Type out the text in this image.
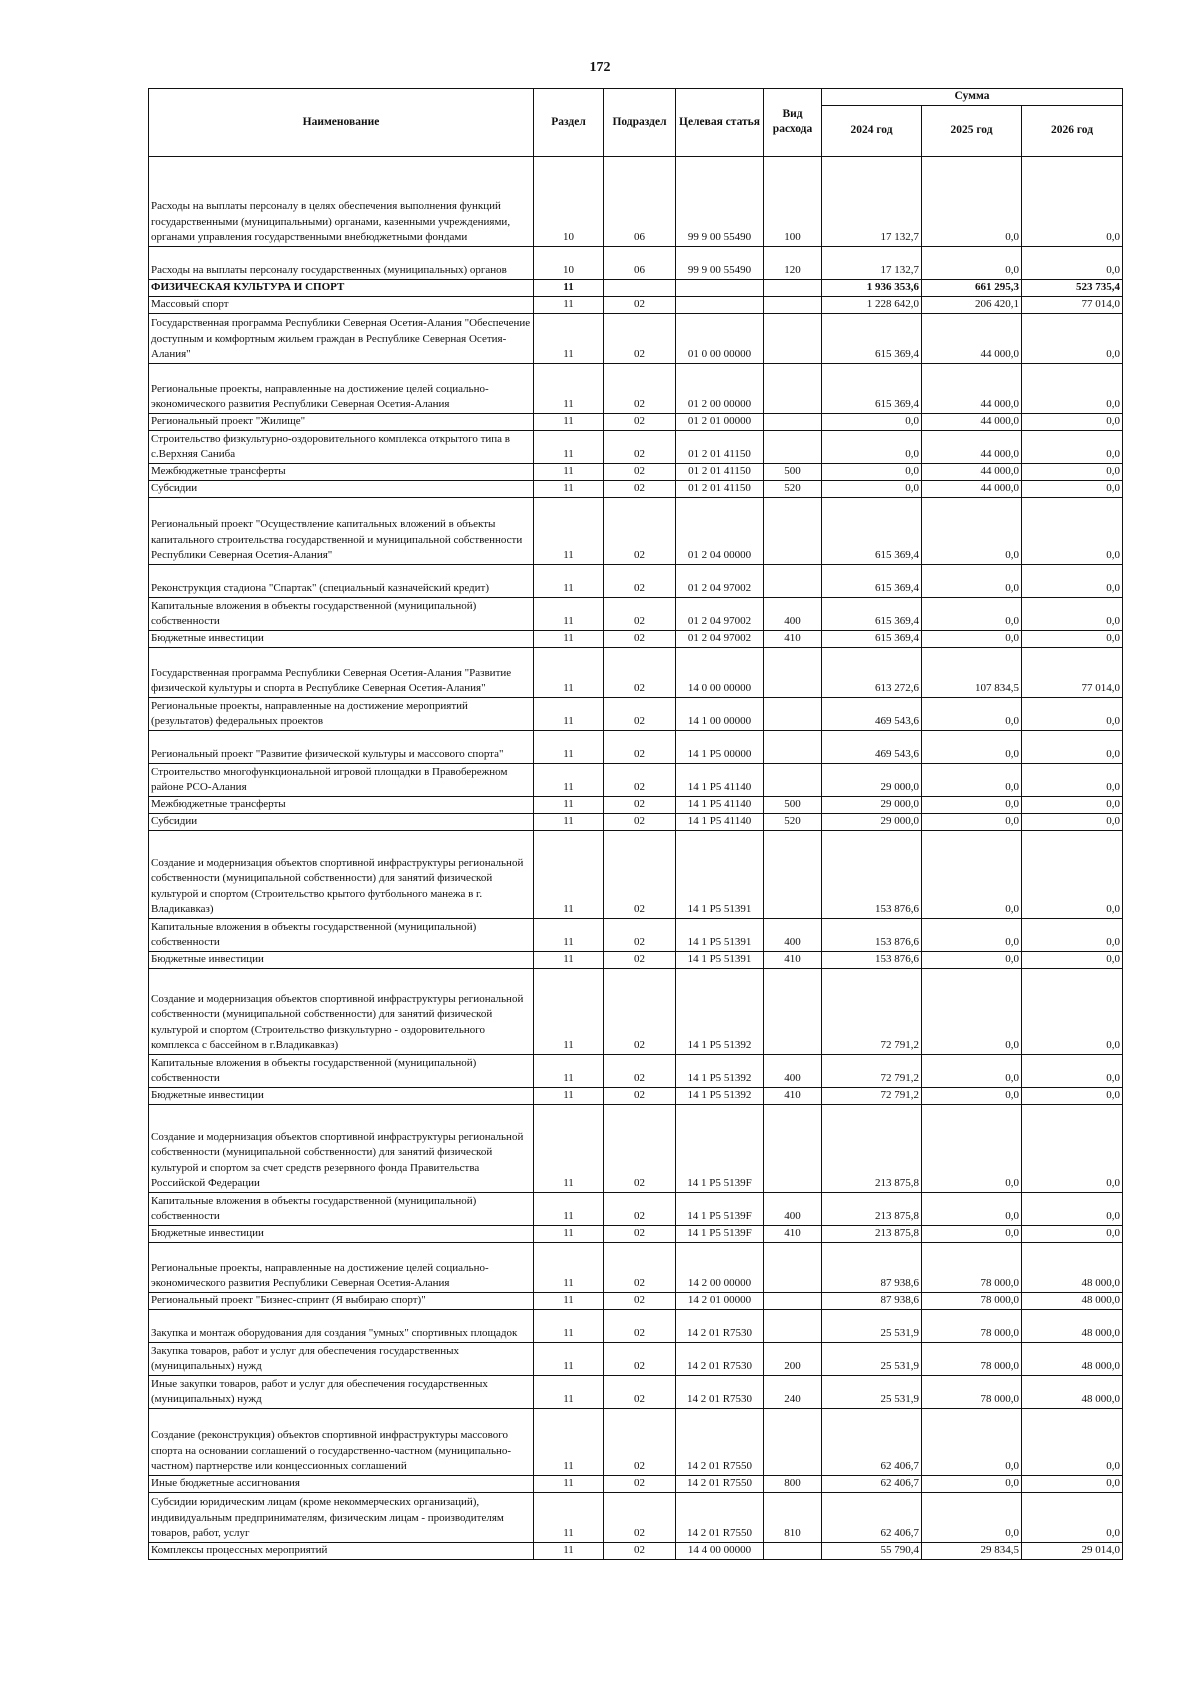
172
Наименование	Раздел	Подраздел	Целевая статья	Вид расхода	Сумма		
					2024 год	2025 год	2026 год
Расходы на выплаты персоналу в целях обеспечения выполнения функций государственными (муниципальными) органами, казенными учреждениями, органами управления государственными внебюджетными фондами	10	06	99 9 00 55490	100	17 132,7	0,0	0,0
Расходы на выплаты персоналу государственных (муниципальных) органов	10	06	99 9 00 55490	120	17 132,7	0,0	0,0
ФИЗИЧЕСКАЯ КУЛЬТУРА И СПОРТ	11				1 936 353,6	661 295,3	523 735,4
Массовый спорт	11	02			1 228 642,0	206 420,1	77 014,0
Государственная программа Республики Северная Осетия-Алания "Обеспечение доступным и комфортным жильем граждан в Республике Северная Осетия-Алания"	11	02	01 0 00 00000		615 369,4	44 000,0	0,0
Региональные проекты, направленные на достижение целей социально-экономического развития Республики Северная Осетия-Алания	11	02	01 2 00 00000		615 369,4	44 000,0	0,0
Региональный проект "Жилище"	11	02	01 2 01 00000		0,0	44 000,0	0,0
Строительство физкультурно-оздоровительного комплекса открытого типа в с.Верхняя Саниба	11	02	01 2 01 41150		0,0	44 000,0	0,0
Межбюджетные трансферты	11	02	01 2 01 41150	500	0,0	44 000,0	0,0
Субсидии	11	02	01 2 01 41150	520	0,0	44 000,0	0,0
Региональный проект "Осуществление капитальных вложений в объекты капитального строительства государственной и муниципальной собственности Республики Северная Осетия-Алания"	11	02	01 2 04 00000		615 369,4	0,0	0,0
Реконструкция стадиона "Спартак" (специальный казначейский кредит)	11	02	01 2 04 97002		615 369,4	0,0	0,0
Капитальные вложения в объекты государственной (муниципальной) собственности	11	02	01 2 04 97002	400	615 369,4	0,0	0,0
Бюджетные инвестиции	11	02	01 2 04 97002	410	615 369,4	0,0	0,0
Государственная программа Республики Северная Осетия-Алания "Развитие физической культуры и спорта в Республике Северная Осетия-Алания"	11	02	14 0 00 00000		613 272,6	107 834,5	77 014,0
Региональные проекты, направленные на достижение мероприятий (результатов) федеральных проектов	11	02	14 1 00 00000		469 543,6	0,0	0,0
Региональный проект "Развитие физической культуры и массового спорта"	11	02	14 1 P5 00000		469 543,6	0,0	0,0
Строительство многофункциональной игровой площадки в Правобережном районе РСО-Алания	11	02	14 1 P5 41140		29 000,0	0,0	0,0
Межбюджетные трансферты	11	02	14 1 P5 41140	500	29 000,0	0,0	0,0
Субсидии	11	02	14 1 P5 41140	520	29 000,0	0,0	0,0
Создание и модернизация объектов спортивной инфраструктуры региональной собственности (муниципальной собственности) для занятий физической культурой и спортом (Строительство крытого футбольного манежа в г. Владикавказ)	11	02	14 1 P5 51391		153 876,6	0,0	0,0
Капитальные вложения в объекты государственной (муниципальной) собственности	11	02	14 1 P5 51391	400	153 876,6	0,0	0,0
Бюджетные инвестиции	11	02	14 1 P5 51391	410	153 876,6	0,0	0,0
Создание и модернизация объектов спортивной инфраструктуры региональной собственности (муниципальной собственности) для занятий физической культурой и спортом (Строительство физкультурно - оздоровительного комплекса с бассейном в г.Владикавказ)	11	02	14 1 P5 51392		72 791,2	0,0	0,0
Капитальные вложения в объекты государственной (муниципальной) собственности	11	02	14 1 P5 51392	400	72 791,2	0,0	0,0
Бюджетные инвестиции	11	02	14 1 P5 51392	410	72 791,2	0,0	0,0
Создание и модернизация объектов спортивной инфраструктуры региональной собственности (муниципальной собственности) для занятий физической культурой и спортом за счет средств резервного фонда Правительства Российской Федерации	11	02	14 1 P5 5139F		213 875,8	0,0	0,0
Капитальные вложения в объекты государственной (муниципальной) собственности	11	02	14 1 P5 5139F	400	213 875,8	0,0	0,0
Бюджетные инвестиции	11	02	14 1 P5 5139F	410	213 875,8	0,0	0,0
Региональные проекты, направленные на достижение целей социально-экономического развития Республики Северная Осетия-Алания	11	02	14 2 00 00000		87 938,6	78 000,0	48 000,0
Региональный проект "Бизнес-спринт (Я выбираю спорт)"	11	02	14 2 01 00000		87 938,6	78 000,0	48 000,0
Закупка и монтаж оборудования для создания "умных" спортивных площадок	11	02	14 2 01 R7530		25 531,9	78 000,0	48 000,0
Закупка товаров, работ и услуг для обеспечения государственных (муниципальных) нужд	11	02	14 2 01 R7530	200	25 531,9	78 000,0	48 000,0
Иные закупки товаров, работ и услуг для обеспечения государственных (муниципальных) нужд	11	02	14 2 01 R7530	240	25 531,9	78 000,0	48 000,0
Создание (реконструкция) объектов спортивной инфраструктуры массового спорта на основании соглашений о государственно-частном (муниципально-частном) партнерстве или концессионных соглашений	11	02	14 2 01 R7550		62 406,7	0,0	0,0
Иные бюджетные ассигнования	11	02	14 2 01 R7550	800	62 406,7	0,0	0,0
Субсидии юридическим лицам (кроме некоммерческих организаций), индивидуальным предпринимателям, физическим лицам - производителям товаров, работ, услуг	11	02	14 2 01 R7550	810	62 406,7	0,0	0,0
Комплексы процессных мероприятий	11	02	14 4 00 00000		55 790,4	29 834,5	29 014,0
